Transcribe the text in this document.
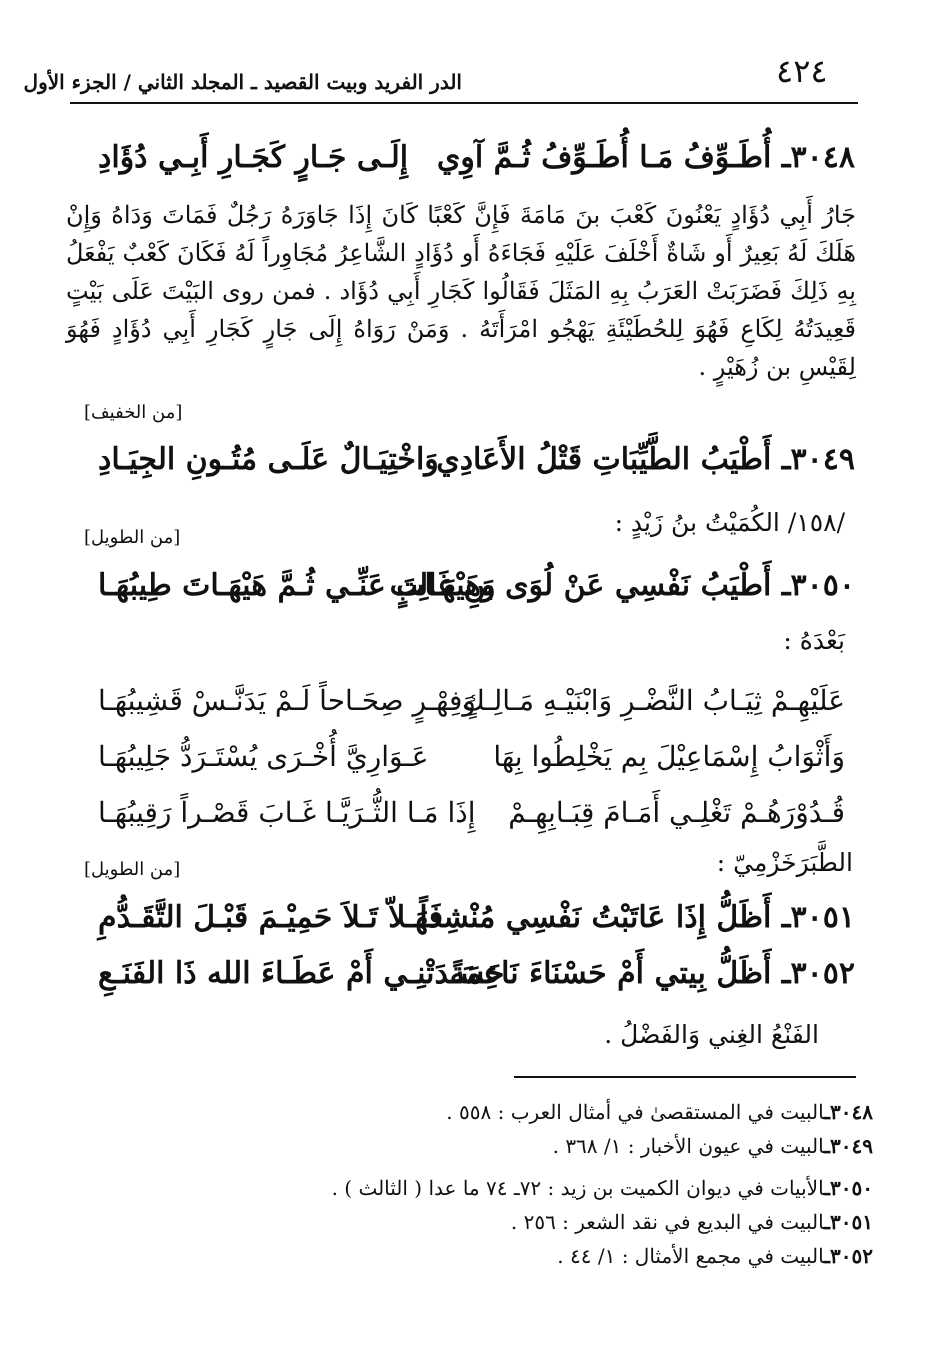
٤٢٤
الدر الفريد وبيت القصيد ـ المجلد الثاني / الجزء الأول
٣٠٤٨ـ أُطَـوِّفُ مَـا أُطَـوِّفُ ثُـمَّ آوِي
إِلَـى جَـارٍ كَجَـارِ أَبِـي دُؤَادِ
جَارُ أَبِي دُؤَادٍ يَعْنُونَ كَعْبَ بنَ مَامَةَ فَإِنَّ كَعْبًا كَانَ إِذَا جَاوَرَهُ رَجُلٌ فَمَاتَ وَدَاهُ وَإِنْ هَلَكَ لَهُ بَعِيرٌ أَو شَاةٌ أَخْلَفَ عَلَيْهِ فَجَاءَهُ أَو دُؤَادٍ الشَّاعِرُ مُجَاوِراً لَهُ فَكَانَ كَعْبٌ يَفْعَلُ بِهِ ذَلِكَ فَضَرَبَتْ العَرَبُ بِهِ المَثَلَ فَقَالُوا كَجَارِ أَبِي دُؤَاد . فمن روى البَيْتَ عَلَى بَيْتٍ قَعِيدَتُهُ لِكَاعِ فَهُوَ لِلحُطَيْئَةِ يَهْجُو امْرَأَتَهُ . وَمَنْ رَوَاهُ إِلَى جَارٍ كَجَارِ أَبِي دُؤَادٍ فَهُوَ لِقَيْسِ بن زُهَيْرٍ .
[من الخفيف]
٣٠٤٩ـ أَطْيَبُ الطَّيِّبَاتِ قَتْلُ الأَعَادِي
وَاخْتِيَـالٌ عَلَـى مُتُـونِ الجِيَـادِ
/١٥٨/ الكُمَيْتُ بنُ زَيْدٍ :
[من الطويل]
٣٠٥٠ـ أَطْيَبُ نَفْسِي عَنْ لُوَى بنِ غَالِبٍ
وَهَيْهَـاتَ عَنِّـي ثُـمَّ هَيْهَـاتَ طِيبُهَـا
بَعْدَهُ :
عَلَيْهِـمْ ثِيَـابُ النَّضْـرِ وَابْنَيْـهِ مَـالِـكٍ
وَفِهْـرٍ صِحَـاحاً لَـمْ يَدَنَّـسْ قَشِيبُهَـا
وَأَثْوَابُ إِسْمَاعِيْلَ بِم يَخْلِطُوا بِهَا
عَـوَارِيَّ أُخْـرَى يُسْتَـرَدُّ جَلِيبُهَـا
قُـدُوْرَهُـمْ تَغْلِـي أَمَـامَ قِبَـابِهِـمْ
إِذَا مَـا الثُّـرَيَّـا غَـابَ قَصْـراً رَقِيبُهَـا
الطَّبَرَخَزْمِيّ :
[من الطويل]
٣٠٥١ـ أَظَلُّ إِذَا عَاتَبْتُ نَفْسِي مُنْشِداً
فَهَـلاّ تَـلاَ حَمِيْـمَ قَبْـلَ التَّقَـدُّمِ
٣٠٥٢ـ أَظَلُّ بِيتي أَمْ حَسْنَاءَ نَاعِمَةً
حَسَـدَتْنِـي أَمْ عَطَـاءَ الله ذَا الفَنَـعِ
الفَنْعُ الغِني وَالفَضْلُ .
٣٠٤٨ـالبيت في المستقصىٰ في أمثال العرب : ٥٥٨ .
٣٠٤٩ـالبيت في عيون الأخبار : ١/ ٣٦٨ .
٣٠٥٠ـالأبيات في ديوان الكميت بن زيد : ٧٢ـ ٧٤ ما عدا ( الثالث ) .
٣٠٥١ـالبيت في البديع في نقد الشعر : ٢٥٦ .
٣٠٥٢ـالبيت في مجمع الأمثال : ١/ ٤٤ .
